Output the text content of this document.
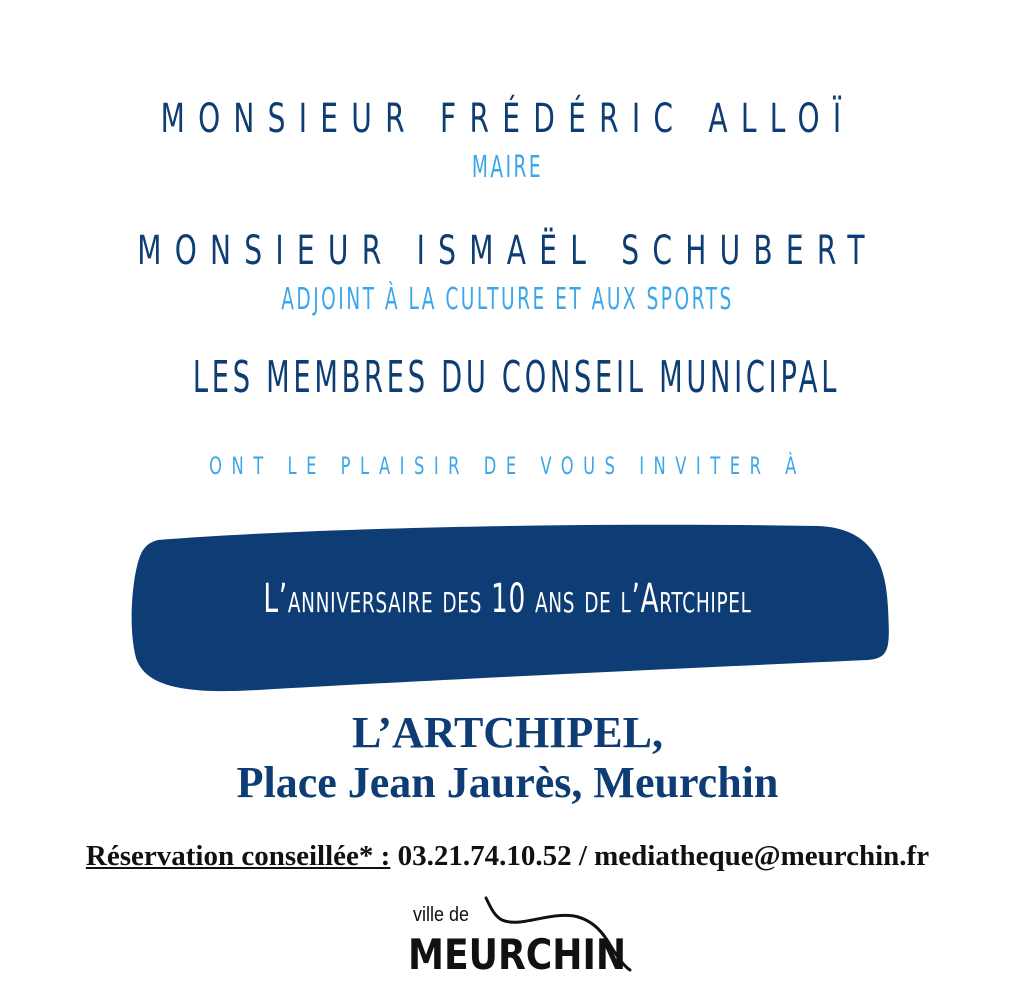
MONSIEUR FRÉDÉRIC ALLOÏ
MAIRE
MONSIEUR ISMAËL SCHUBERT
ADJOINT À LA CULTURE ET AUX SPORTS
LES MEMBRES DU CONSEIL MUNICIPAL
ONT LE PLAISIR DE VOUS INVITER À
L’anniversaire des 10 ans de l’Artchipel
L’ARTCHIPEL,
Place Jean Jaurès, Meurchin
Réservation conseillée* : 03.21.74.10.52 / mediatheque@meurchin.fr
ville de
MEURCHIN
